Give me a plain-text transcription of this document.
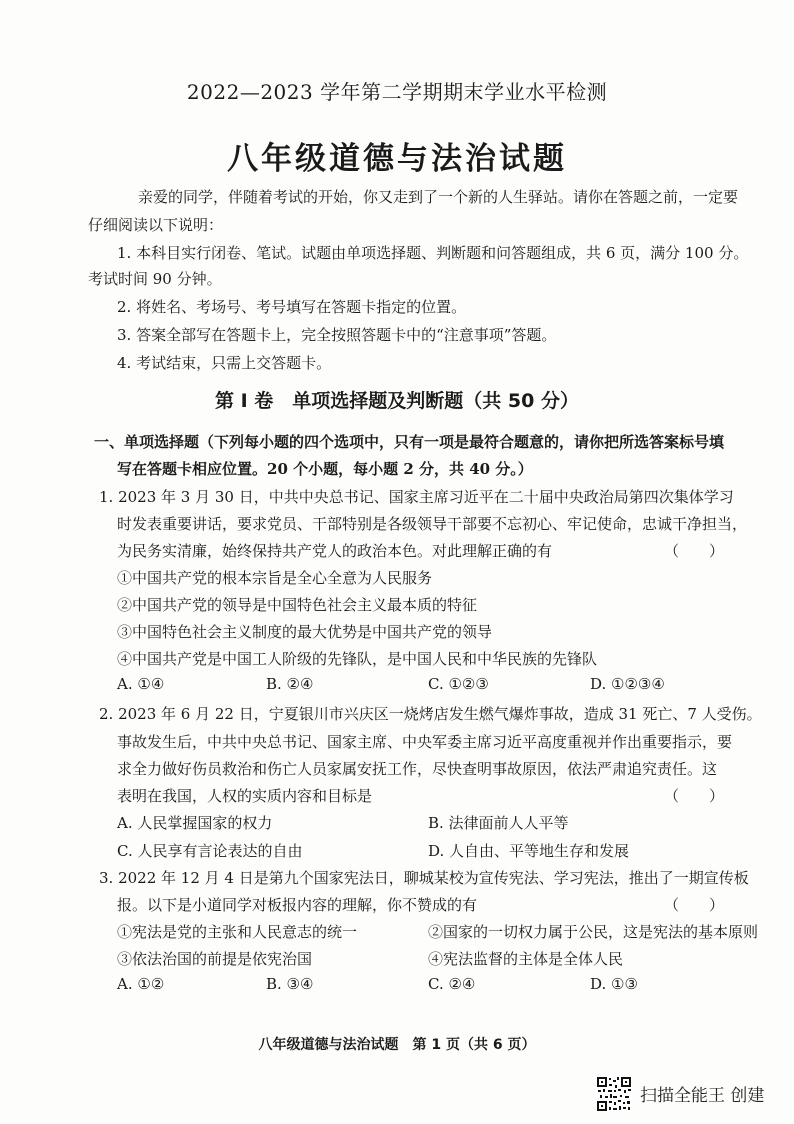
2022—2023 学年第二学期期末学业水平检测
八年级道德与法治试题
亲爱的同学，伴随着考试的开始，你又走到了一个新的人生驿站。请你在答题之前，一定要
仔细阅读以下说明：
1. 本科目实行闭卷、笔试。试题由单项选择题、判断题和问答题组成，共 6 页，满分 100 分。
考试时间 90 分钟。
2. 将姓名、考场号、考号填写在答题卡指定的位置。
3. 答案全部写在答题卡上，完全按照答题卡中的“注意事项”答题。
4. 考试结束，只需上交答题卡。
第 Ⅰ 卷　单项选择题及判断题（共 50 分）
一、单项选择题（下列每小题的四个选项中，只有一项是最符合题意的，请你把所选答案标号填
写在答题卡相应位置。20 个小题，每小题 2 分，共 40 分。）
1. 2023 年 3 月 30 日，中共中央总书记、国家主席习近平在二十届中央政治局第四次集体学习
时发表重要讲话，要求党员、干部特别是各级领导干部要不忘初心、牢记使命，忠诚干净担当，
为民务实清廉，始终保持共产党人的政治本色。对此理解正确的有	（　　）
①中国共产党的根本宗旨是全心全意为人民服务
②中国共产党的领导是中国特色社会主义最本质的特征
③中国特色社会主义制度的最大优势是中国共产党的领导
④中国共产党是中国工人阶级的先锋队，是中国人民和中华民族的先锋队
A. ①④	B. ②④	C. ①②③	D. ①②③④
2. 2023 年 6 月 22 日，宁夏银川市兴庆区一烧烤店发生燃气爆炸事故，造成 31 死亡、7 人受伤。
事故发生后，中共中央总书记、国家主席、中央军委主席习近平高度重视并作出重要指示，要
求全力做好伤员救治和伤亡人员家属安抚工作，尽快查明事故原因，依法严肃追究责任。这
表明在我国，人权的实质内容和目标是	（　　）
A. 人民掌握国家的权力	B. 法律面前人人平等
C. 人民享有言论表达的自由	D. 人自由、平等地生存和发展
3. 2022 年 12 月 4 日是第九个国家宪法日，聊城某校为宣传宪法、学习宪法，推出了一期宣传板
报。以下是小道同学对板报内容的理解，你不赞成的有	（　　）
①宪法是党的主张和人民意志的统一	②国家的一切权力属于公民，这是宪法的基本原则
③依法治国的前提是依宪治国	④宪法监督的主体是全体人民
A. ①②	B. ③④	C. ②④	D. ①③
八年级道德与法治试题　第 1 页（共 6 页）
扫描全能王 创建
